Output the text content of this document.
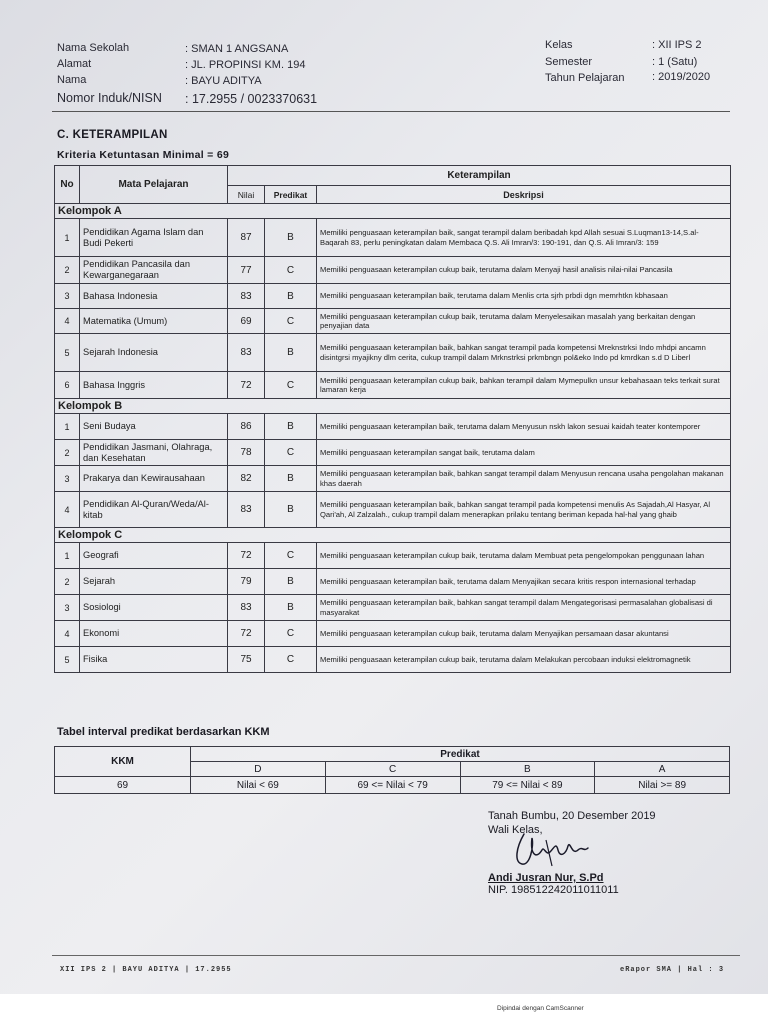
Nama Sekolah	: SMAN 1 ANGSANA
Alamat	: JL. PROPINSI KM. 194
Nama	: BAYU ADITYA
Nomor Induk/NISN : 17.2955 / 0023370631
Kelas	: XII IPS 2
Semester	: 1 (Satu)
Tahun Pelajaran : 2019/2020
C. KETERAMPILAN
Kriteria Ketuntasan Minimal = 69
No	Mata Pelajaran	Keterampilan		
		Nilai	Predikat	Deskripsi
Kelompok A				
1	Pendidikan Agama Islam dan Budi Pekerti	87	B	Memiliki penguasaan keterampilan baik, sangat terampil dalam beribadah kpd Allah sesuai S.Luqman13-14,S.al-Baqarah 83, perlu peningkatan dalam Membaca Q.S. Ali Imran/3: 190-191, dan Q.S. Ali Imran/3: 159
2	Pendidikan Pancasila dan Kewarganegaraan	77	C	Memiliki penguasaan keterampilan cukup baik, terutama dalam Menyaji hasil analisis nilai-nilai Pancasila
3	Bahasa Indonesia	83	B	Memiliki penguasaan keterampilan baik, terutama dalam Menlis crta sjrh prbdi dgn memrhtkn kbhasaan
4	Matematika (Umum)	69	C	Memiliki penguasaan keterampilan cukup baik, terutama dalam Menyelesaikan masalah yang berkaitan dengan penyajian data
5	Sejarah Indonesia	83	B	Memiliki penguasaan keterampilan baik, bahkan sangat terampil pada kompetensi Mreknstrksi Indo mhdpi ancamn disintgrsi myajikny dlm cerita, cukup trampil dalam Mrknstrksi prkmbngn pol&eko Indo pd kmrdkan s.d D Liberl
6	Bahasa Inggris	72	C	Memiliki penguasaan keterampilan cukup baik, bahkan terampil dalam Mymepulkn unsur kebahasaan teks terkait surat lamaran kerja
Kelompok B				
1	Seni Budaya	86	B	Memiliki penguasaan keterampilan baik, terutama dalam Menyusun nskh lakon sesuai kaidah teater kontemporer
2	Pendidikan Jasmani, Olahraga, dan Kesehatan	78	C	Memiliki penguasaan keterampilan sangat baik, terutama dalam
3	Prakarya dan Kewirausahaan	82	B	Memiliki penguasaan keterampilan baik, bahkan sangat terampil dalam Menyusun rencana usaha pengolahan makanan khas daerah
4	Pendidikan Al-Quran/Weda/Al-kitab	83	B	Memiliki penguasaan keterampilan baik, bahkan sangat terampil pada kompetensi menulis As Sajadah,Al Hasyar, Al Qari'ah, Al Zalzalah., cukup trampil dalam menerapkan prilaku tentang beriman kepada hal-hal yang ghaib
Kelompok C				
1	Geografi	72	C	Memiliki penguasaan keterampilan cukup baik, terutama dalam Membuat peta pengelompokan penggunaan lahan
2	Sejarah	79	B	Memiliki penguasaan keterampilan baik, terutama dalam Menyajikan secara kritis respon internasional terhadap
3	Sosiologi	83	B	Memiliki penguasaan keterampilan baik, bahkan sangat terampil dalam Mengategorisasi permasalahan globalisasi di masyarakat
4	Ekonomi	72	C	Memiliki penguasaan keterampilan cukup baik, terutama dalam Menyajikan persamaan dasar akuntansi
5	Fisika	75	C	Memiliki penguasaan keterampilan cukup baik, terutama dalam Melakukan percobaan induksi elektromagnetik
Tabel interval predikat berdasarkan KKM
KKM	Predikat			
	D	C	B	A
69	Nilai < 69	69 <= Nilai < 79	79 <= Nilai < 89	Nilai >= 89
Tanah Bumbu, 20 Desember 2019
Wali Kelas,
Andi Jusran Nur, S.Pd
NIP. 198512242011011011
XII IPS 2 | BAYU ADITYA | 17.2955	eRapor SMA | Hal : 3
Dipindai dengan CamScanner
